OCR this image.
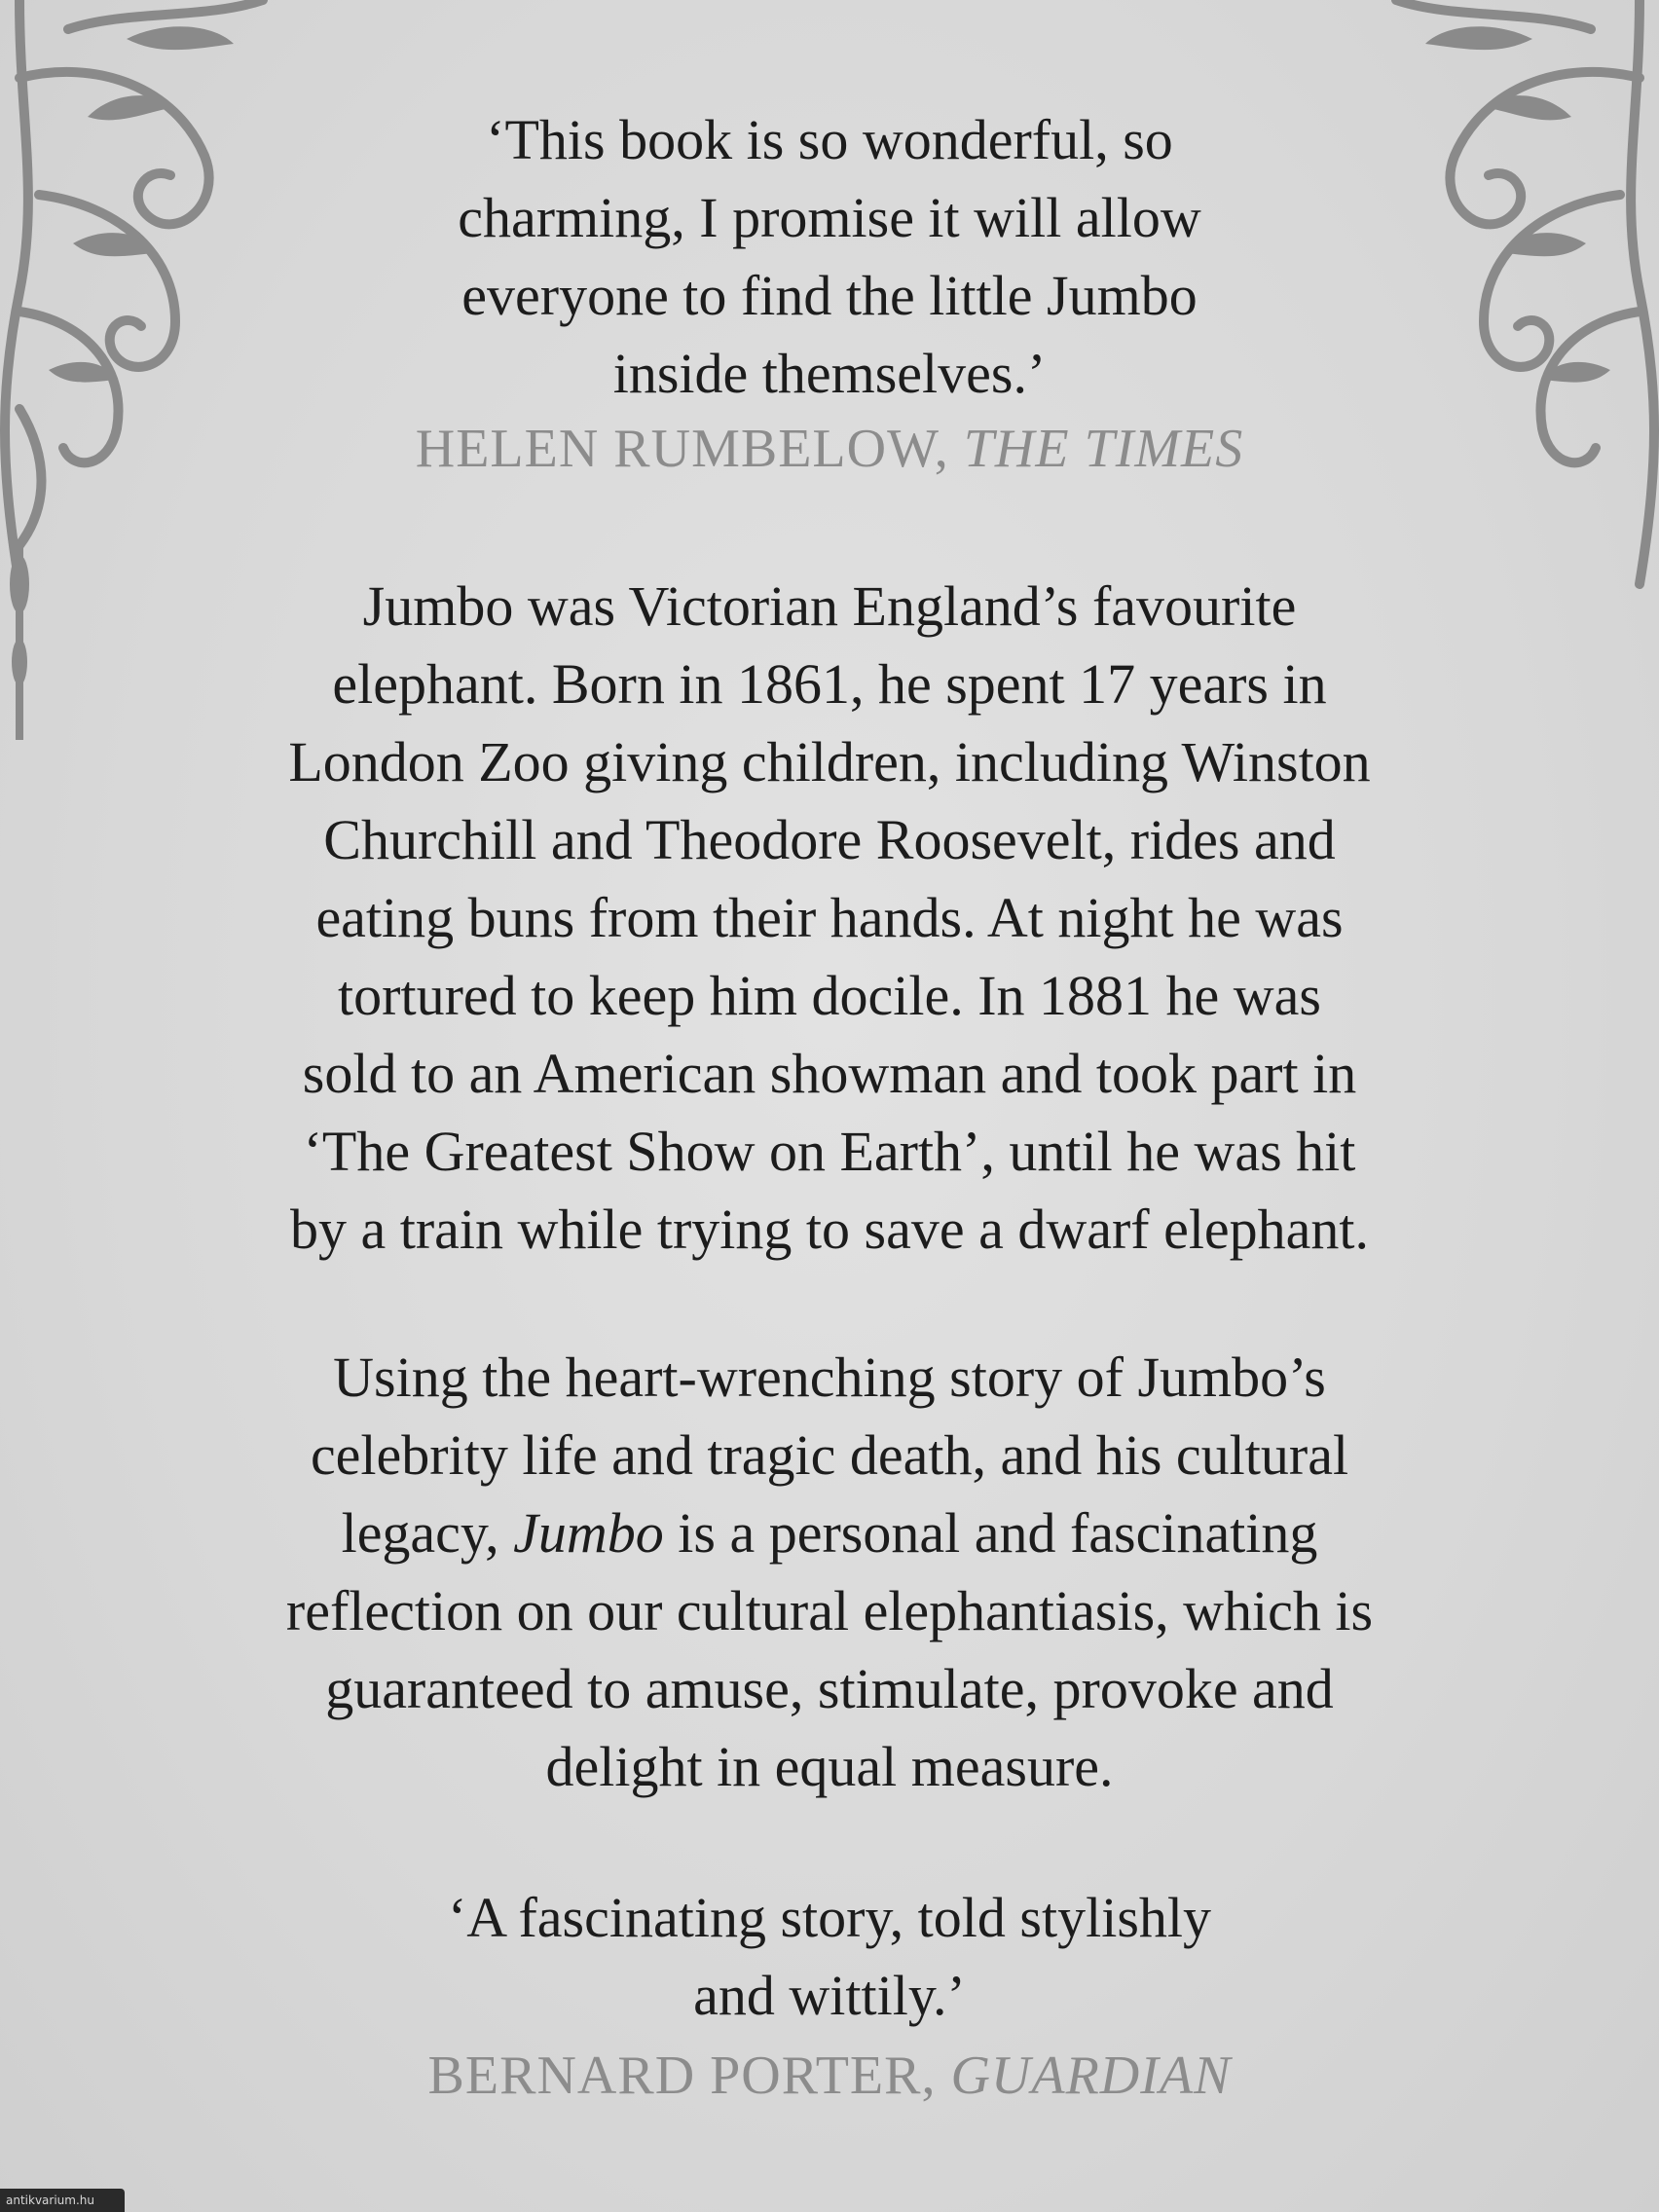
‘This book is so wonderful, so
charming, I promise it will allow
everyone to find the little Jumbo
inside themselves.’
HELEN RUMBELOW, THE TIMES
Jumbo was Victorian England’s favourite
elephant. Born in 1861, he spent 17 years in
London Zoo giving children, including Winston
Churchill and Theodore Roosevelt, rides and
eating buns from their hands. At night he was
tortured to keep him docile. In 1881 he was
sold to an American showman and took part in
‘The Greatest Show on Earth’, until he was hit
by a train while trying to save a dwarf elephant.
Using the heart-wrenching story of Jumbo’s
celebrity life and tragic death, and his cultural
legacy, Jumbo is a personal and fascinating
reflection on our cultural elephantiasis, which is
guaranteed to amuse, stimulate, provoke and
delight in equal measure.
‘A fascinating story, told stylishly
and wittily.’
BERNARD PORTER, GUARDIAN
antikvarium.hu
